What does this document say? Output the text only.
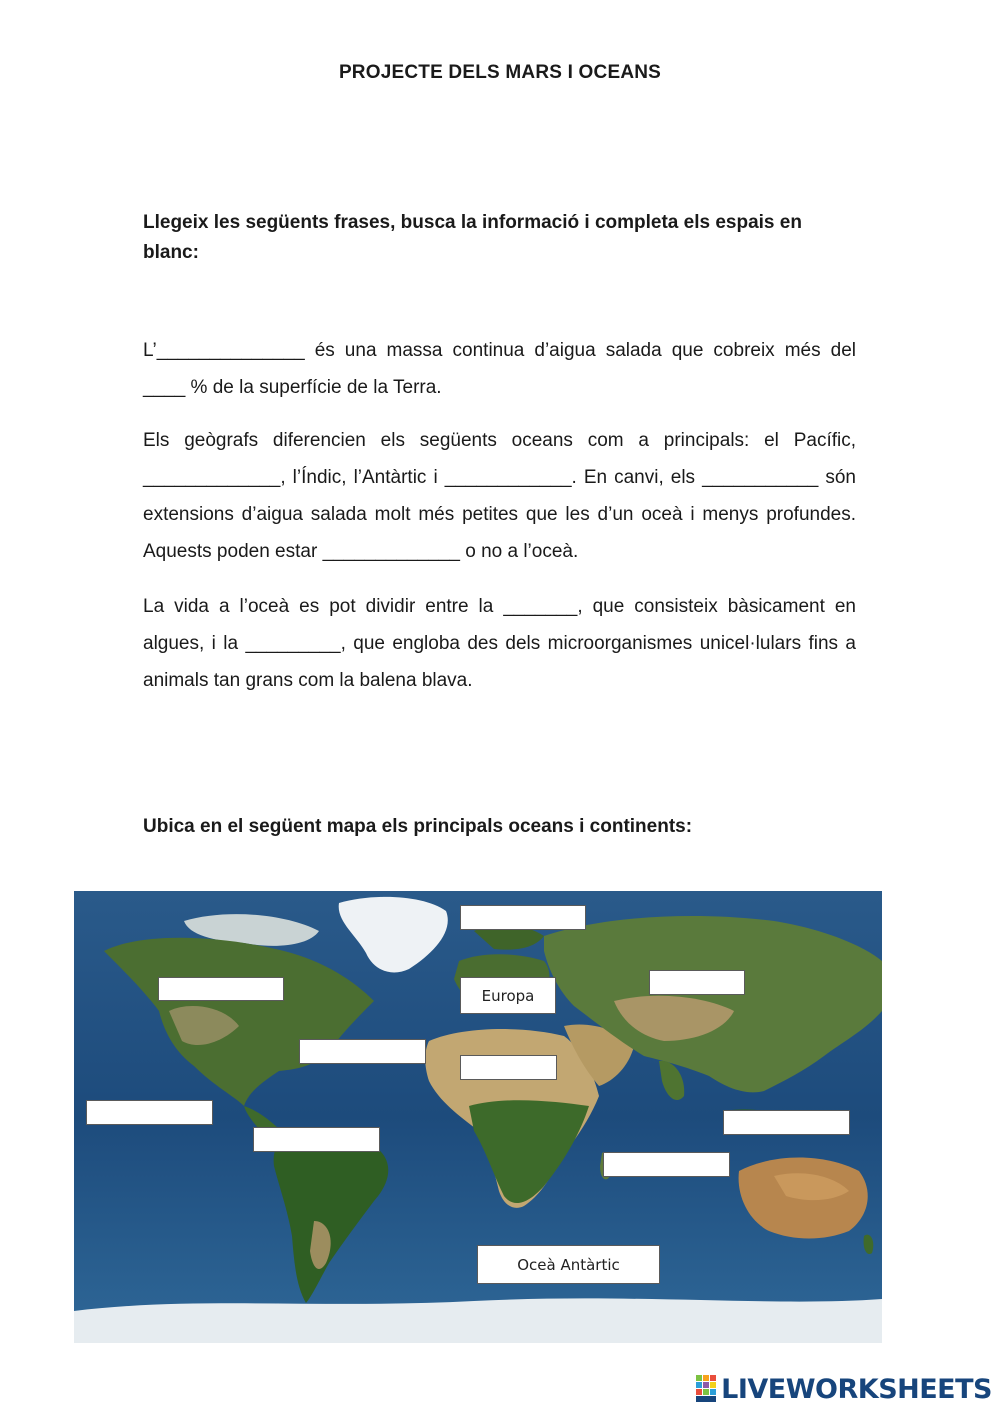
PROJECTE DELS MARS I OCEANS
Llegeix les següents frases, busca la informació i completa els espais en blanc:

L’______________ és una massa continua d’aigua salada que cobreix més del ____ % de la superfície de la Terra.

Els geògrafs diferencien els següents oceans com a principals: el Pacífic, _____________, l’Índic, l’Antàrtic i ____________. En canvi, els ___________ són extensions d’aigua salada molt més petites que les d’un oceà i menys profundes. Aquests poden estar _____________ o no a l’oceà.

La vida a l’oceà es pot dividir entre la _______, que consisteix bàsicament en algues, i la _________, que engloba des dels microorganismes unicel·lulars fins a animals tan grans com la balena blava.

Ubica en el següent mapa els principals oceans i continents:
Europa
Oceà Antàrtic
LIVEWORKSHEETS
